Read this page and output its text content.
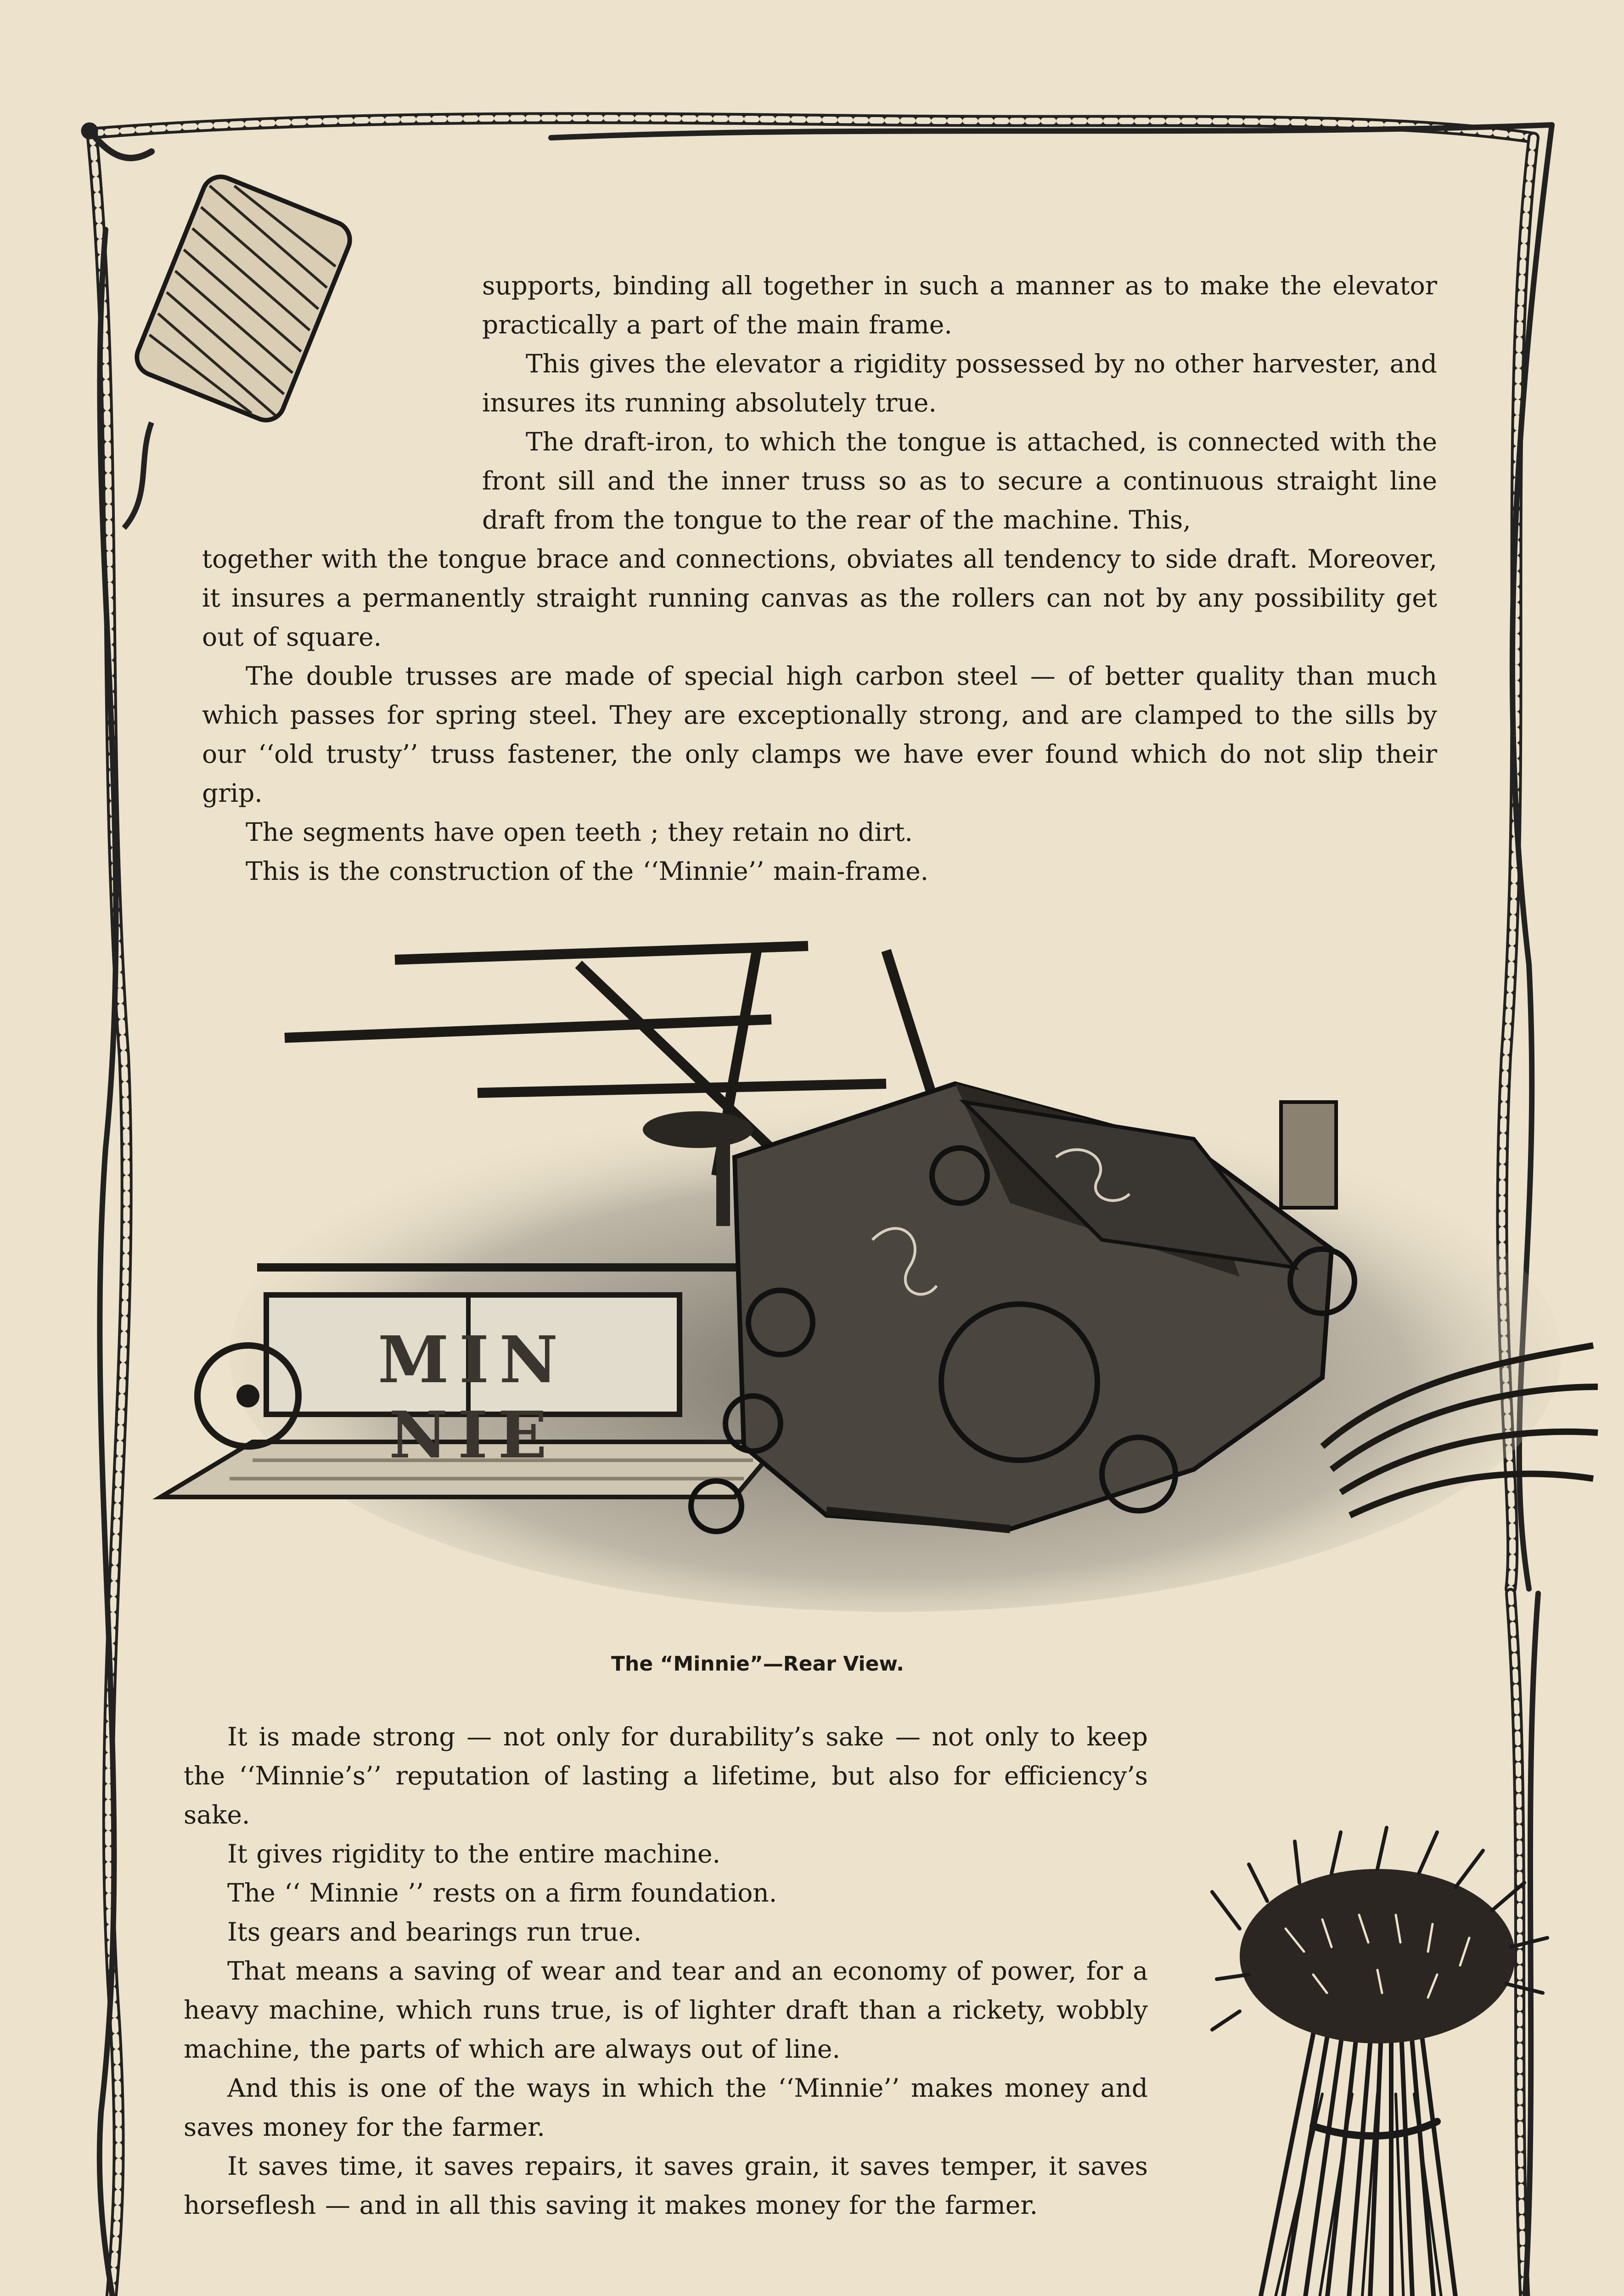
supports, binding all together in such a manner as to make the elevator practically a part of the main frame.

This gives the elevator a rigidity possessed by no other harvester, and insures its running absolutely true.

The draft-iron, to which the tongue is attached, is connected with the front sill and the inner truss so as to secure a continuous straight line draft from the tongue to the rear of the machine. This,

together with the tongue brace and connections, obviates all tendency to side draft. Moreover, it insures a permanently straight running canvas as the rollers can not by any possibility get out of square.

The double trusses are made of special high carbon steel — of better quality than much which passes for spring steel. They are exceptionally strong, and are clamped to the sills by our ‘‘old trusty’’ truss fastener, the only clamps we have ever found which do not slip their grip.

The segments have open teeth ; they retain no dirt.

This is the construction of the ‘‘Minnie’’ main-frame.

MIN NIE

The “Minnie”—Rear View.

It is made strong — not only for durability’s sake — not only to keep the ‘‘Minnie’s’’ reputation of lasting a lifetime, but also for efficiency’s sake.

It gives rigidity to the entire machine.

The ‘‘ Minnie ’’ rests on a firm foundation.

Its gears and bearings run true.

That means a saving of wear and tear and an economy of power, for a heavy machine, which runs true, is of lighter draft than a rickety, wobbly machine, the parts of which are always out of line.

And this is one of the ways in which the ‘‘Minnie’’ makes money and saves money for the farmer.

It saves time, it saves repairs, it saves grain, it saves temper, it saves horseflesh — and in all this saving it makes money for the farmer.
